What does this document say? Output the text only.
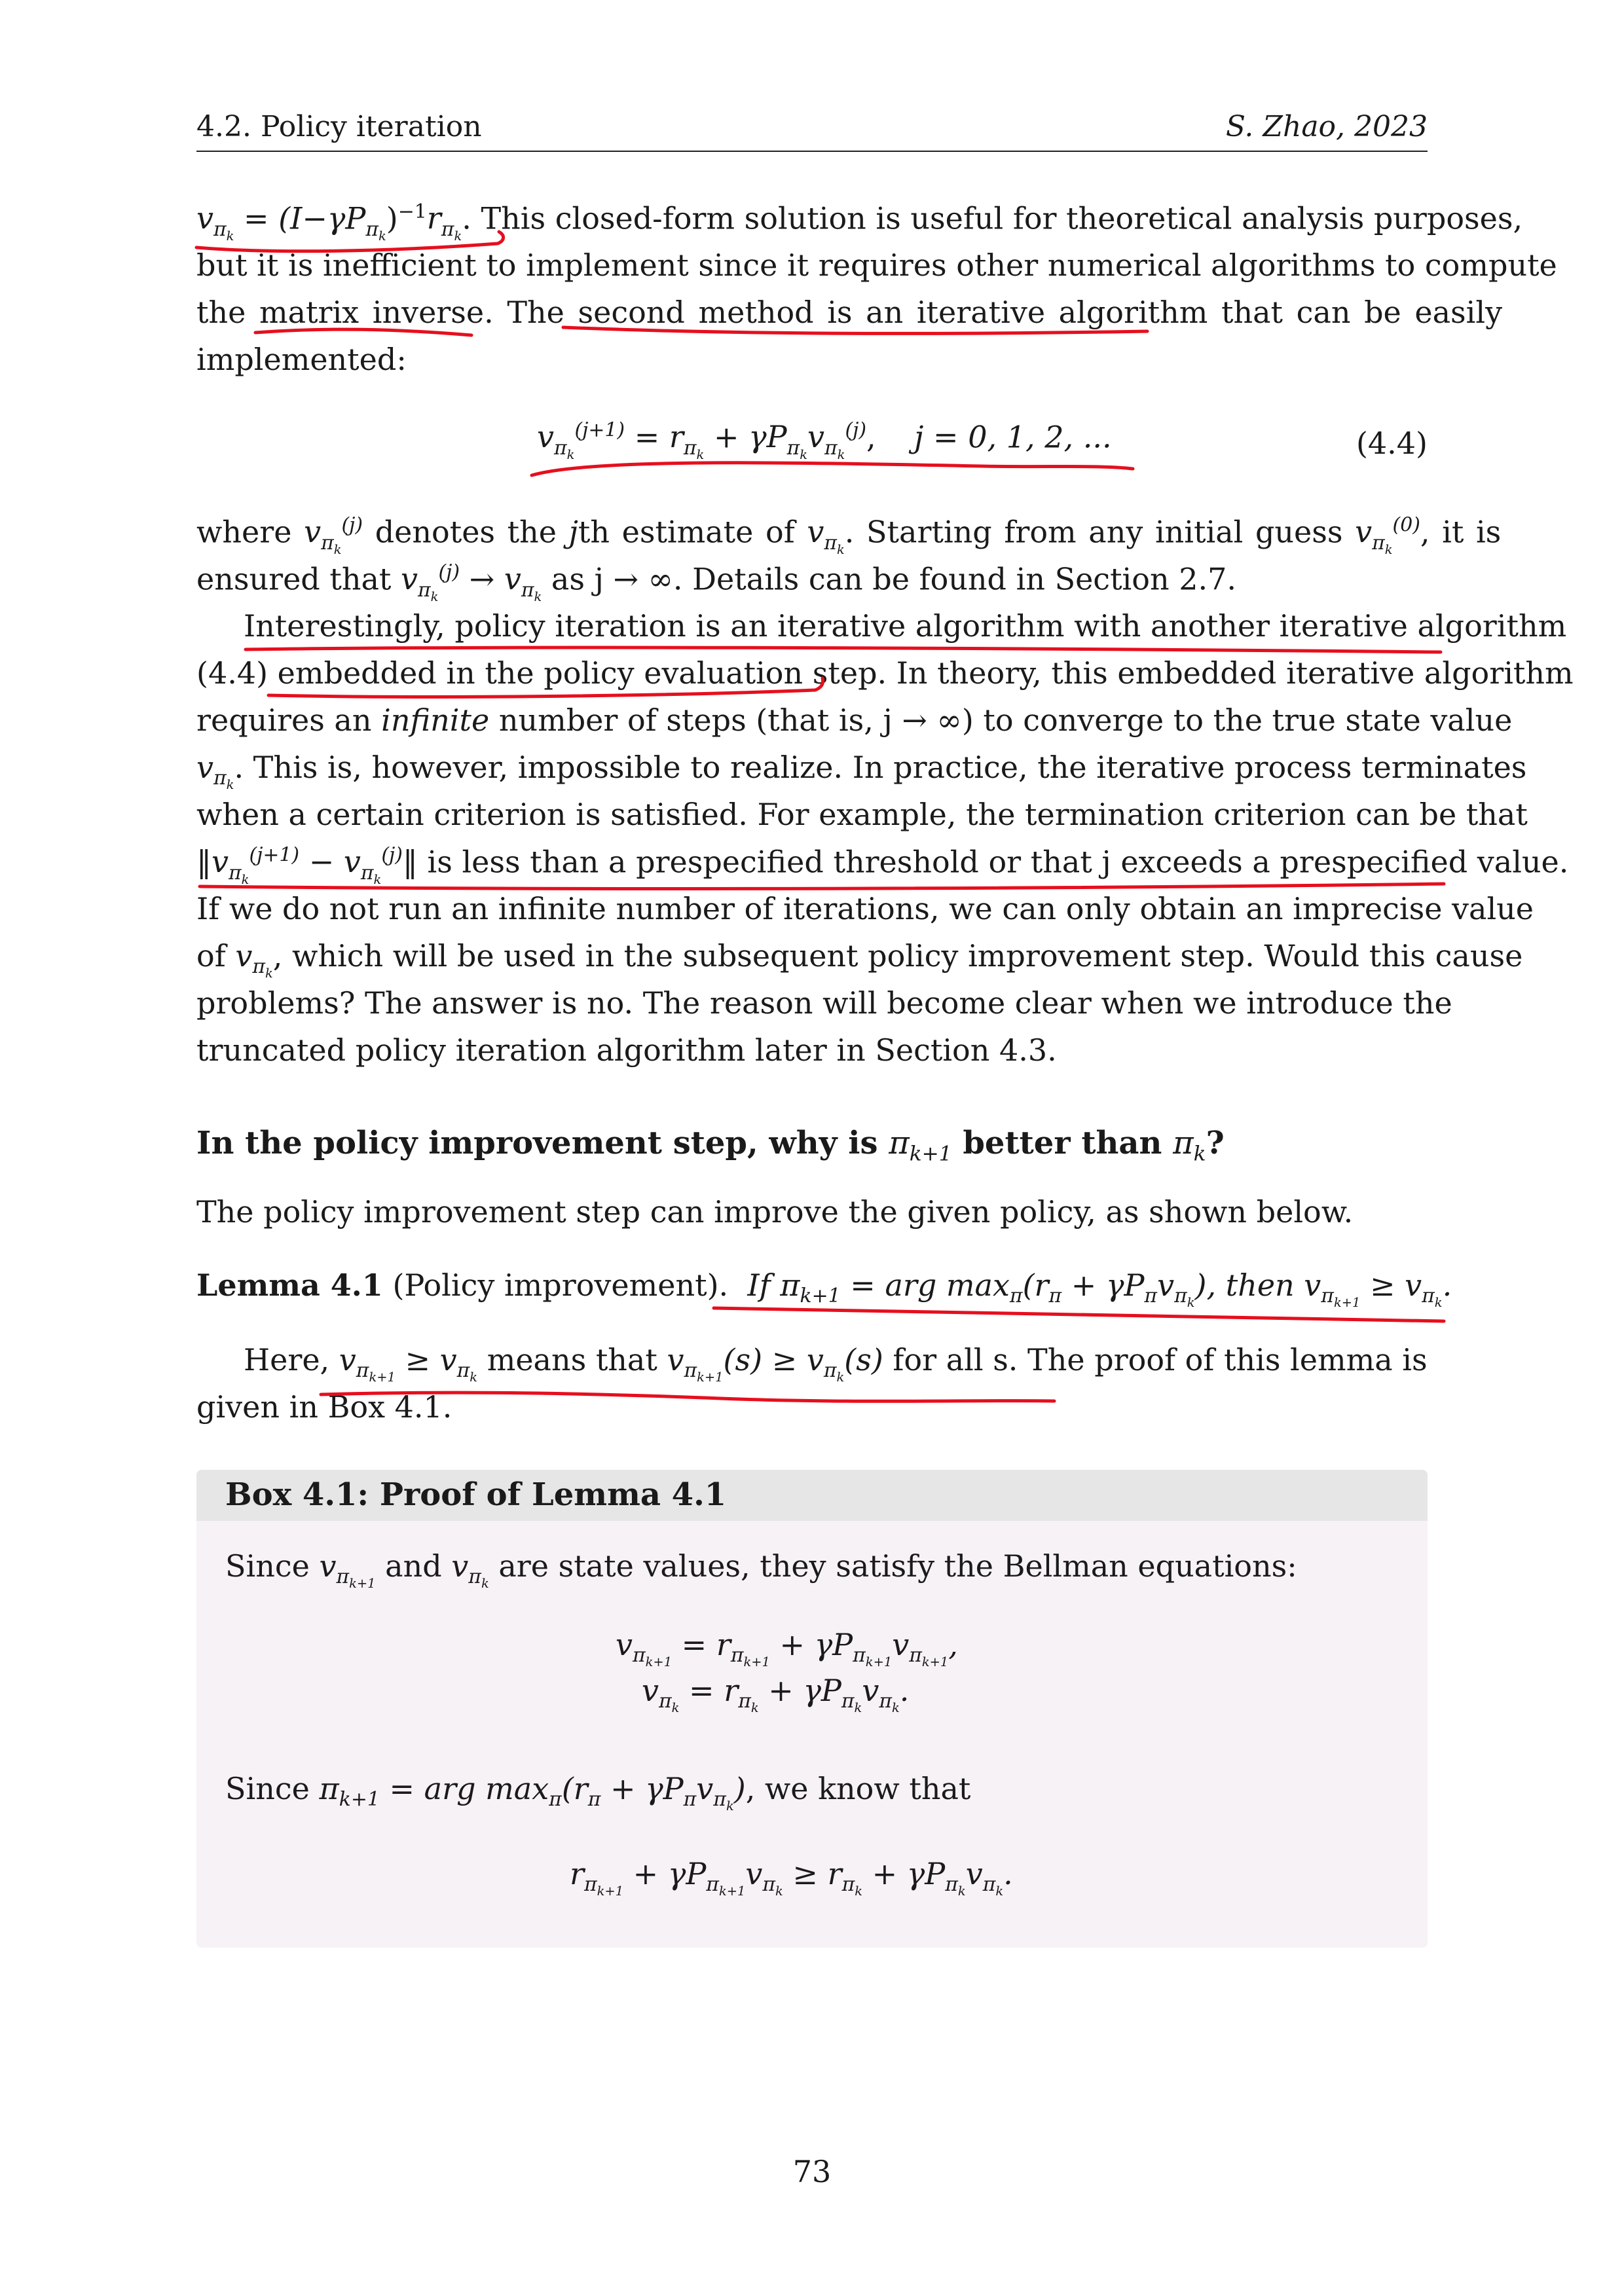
4.2. Policy iteration	S. Zhao, 2023
$v_{\pi_k} = (I-\gamma P_{\pi_k})^{-1}r_{\pi_k}$. This closed-form solution is useful for theoretical analysis purposes,
but it is inefficient to implement since it requires other numerical algorithms to compute
the matrix inverse. The second method is an iterative algorithm that can be easily
implemented:
$v_{\pi_k}^{(j+1)} = r_{\pi_k} + \gamma P_{\pi_k}v_{\pi_k}^{(j)}$,    j = 0, 1, 2, ...	(4.4)
where $v_{\pi_k}^{(j)}$ denotes the jth estimate of $v_{\pi_k}$. Starting from any initial guess $v_{\pi_k}^{(0)}$, it is
ensured that $v_{\pi_k}^{(j)} \to v_{\pi_k}$ as j → ∞. Details can be found in Section 2.7.
Interestingly, policy iteration is an iterative algorithm with another iterative algorithm
(4.4) embedded in the policy evaluation step. In theory, this embedded iterative algorithm
requires an infinite number of steps (that is, j → ∞) to converge to the true state value
$v_{\pi_k}$. This is, however, impossible to realize. In practice, the iterative process terminates
when a certain criterion is satisfied. For example, the termination criterion can be that
$‖v_{\pi_k}^{(j+1)}$ − $v_{\pi_k}^{(j)}‖$ is less than a prespecified threshold or that j exceeds a prespecified value.
If we do not run an infinite number of iterations, we can only obtain an imprecise value
of $v_{\pi_k}$, which will be used in the subsequent policy improvement step. Would this cause
problems? The answer is no. The reason will become clear when we introduce the
truncated policy iteration algorithm later in Section 4.3.
In the policy improvement step, why is $\pi_{k+1}$ better than $\pi_k$?
The policy improvement step can improve the given policy, as shown below.
Lemma 4.1 (Policy improvement). If $\pi_{k+1}$ = arg $\max_\pi(r_\pi + \gamma P_\pi v_{\pi_k})$, then $v_{\pi_{k+1}} \ge v_{\pi_k}$.
Here, $v_{\pi_{k+1}} \ge v_{\pi_k}$ means that $v_{\pi_{k+1}}(s) \ge v_{\pi_k}(s)$ for all s. The proof of this lemma is
given in Box 4.1.
Box 4.1: Proof of Lemma 4.1
Since $v_{\pi_{k+1}}$ and $v_{\pi_k}$ are state values, they satisfy the Bellman equations:
$v_{\pi_{k+1}} = r_{\pi_{k+1}} + \gamma P_{\pi_{k+1}}v_{\pi_{k+1}}$,
$v_{\pi_k} = r_{\pi_k} + \gamma P_{\pi_k}v_{\pi_k}$.
Since $\pi_{k+1}$ = arg $\max_\pi(r_\pi + \gamma P_\pi v_{\pi_k})$, we know that
$r_{\pi_{k+1}} + \gamma P_{\pi_{k+1}}v_{\pi_k} \ge r_{\pi_k} + \gamma P_{\pi_k}v_{\pi_k}$.
73
